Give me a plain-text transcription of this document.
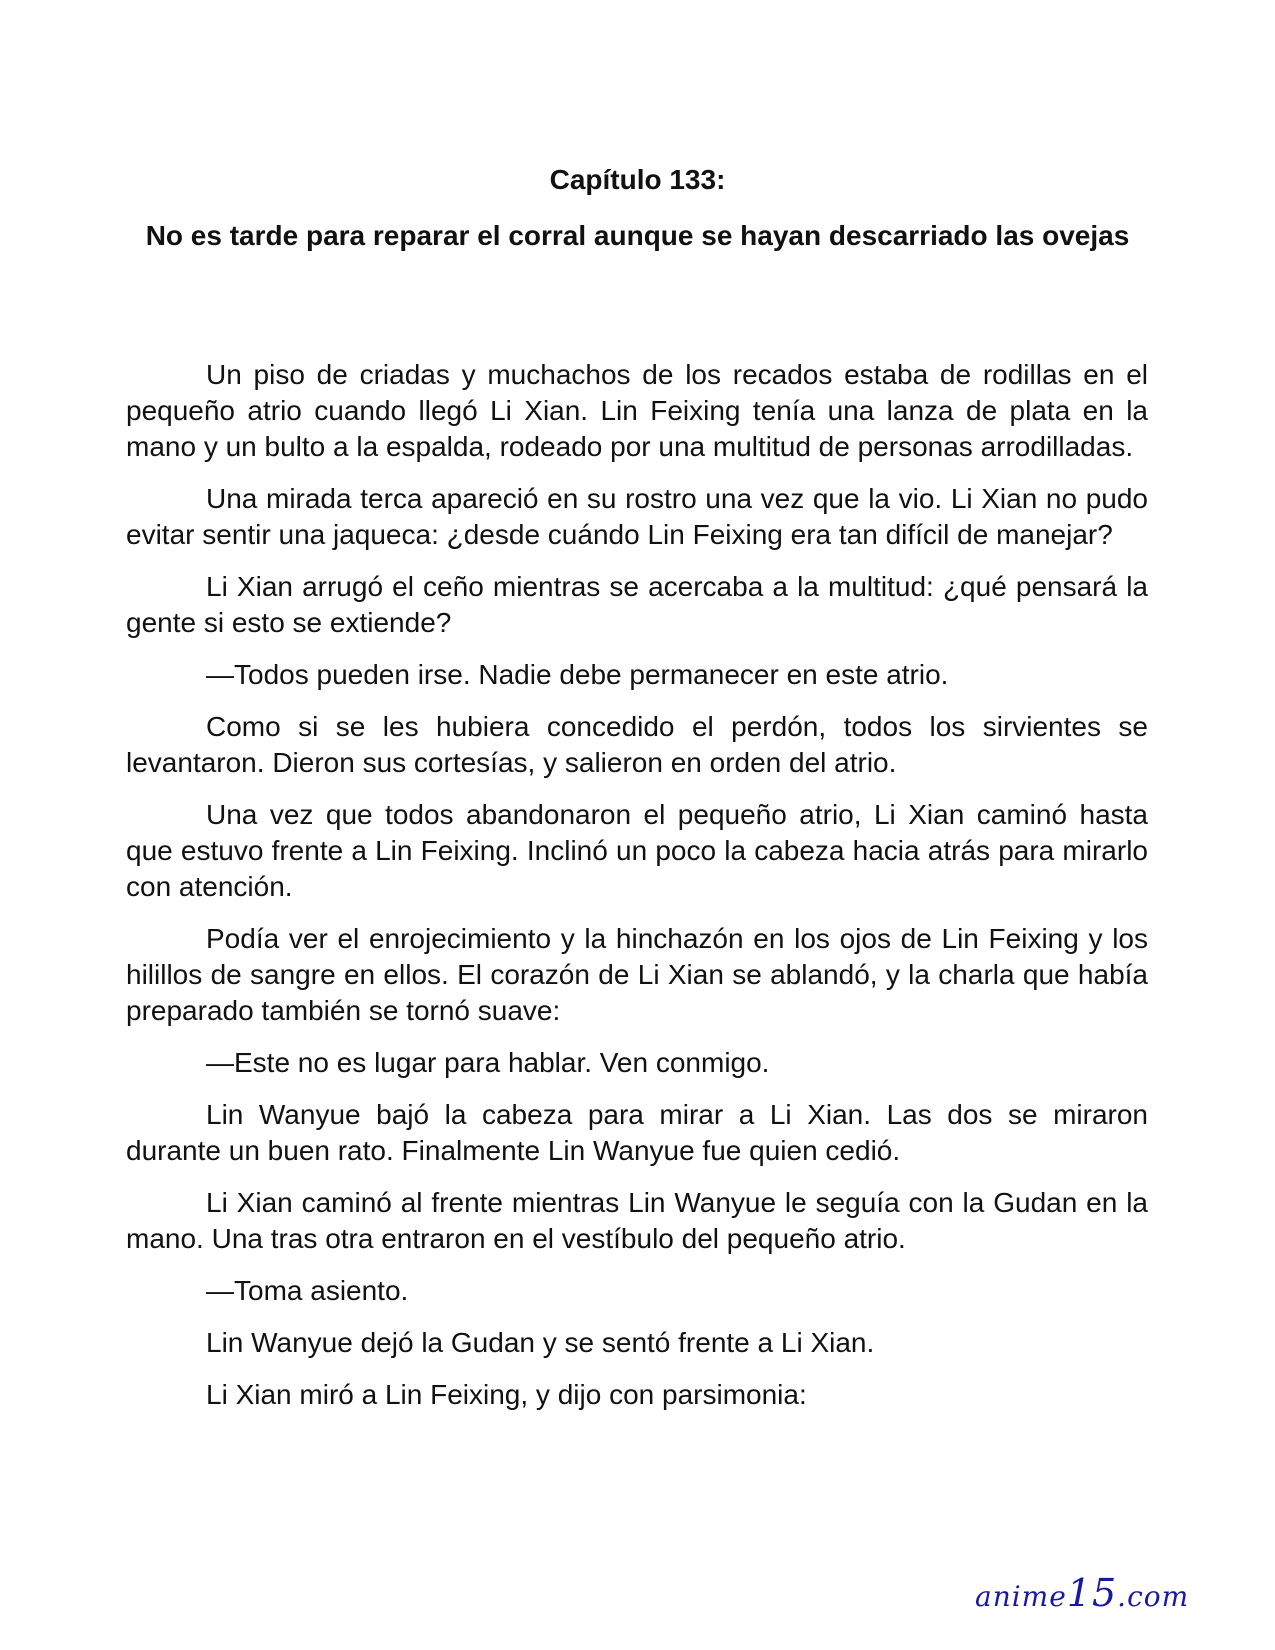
Capítulo 133:
No es tarde para reparar el corral aunque se hayan descarriado las ovejas

Un piso de criadas y muchachos de los recados estaba de rodillas en el pequeño atrio cuando llegó Li Xian. Lin Feixing tenía una lanza de plata en la mano y un bulto a la espalda, rodeado por una multitud de personas arrodilladas.

Una mirada terca apareció en su rostro una vez que la vio. Li Xian no pudo evitar sentir una jaqueca: ¿desde cuándo Lin Feixing era tan difícil de manejar?

Li Xian arrugó el ceño mientras se acercaba a la multitud: ¿qué pensará la gente si esto se extiende?

—Todos pueden irse. Nadie debe permanecer en este atrio.

Como si se les hubiera concedido el perdón, todos los sirvientes se levantaron. Dieron sus cortesías, y salieron en orden del atrio.

Una vez que todos abandonaron el pequeño atrio, Li Xian caminó hasta que estuvo frente a Lin Feixing. Inclinó un poco la cabeza hacia atrás para mirarlo con atención.

Podía ver el enrojecimiento y la hinchazón en los ojos de Lin Feixing y los hilillos de sangre en ellos. El corazón de Li Xian se ablandó, y la charla que había preparado también se tornó suave:

—Este no es lugar para hablar. Ven conmigo.

Lin Wanyue bajó la cabeza para mirar a Li Xian. Las dos se miraron durante un buen rato. Finalmente Lin Wanyue fue quien cedió.

Li Xian caminó al frente mientras Lin Wanyue le seguía con la Gudan en la mano. Una tras otra entraron en el vestíbulo del pequeño atrio.

—Toma asiento.

Lin Wanyue dejó la Gudan y se sentó frente a Li Xian.

Li Xian miró a Lin Feixing, y dijo con parsimonia:

anime15.com
